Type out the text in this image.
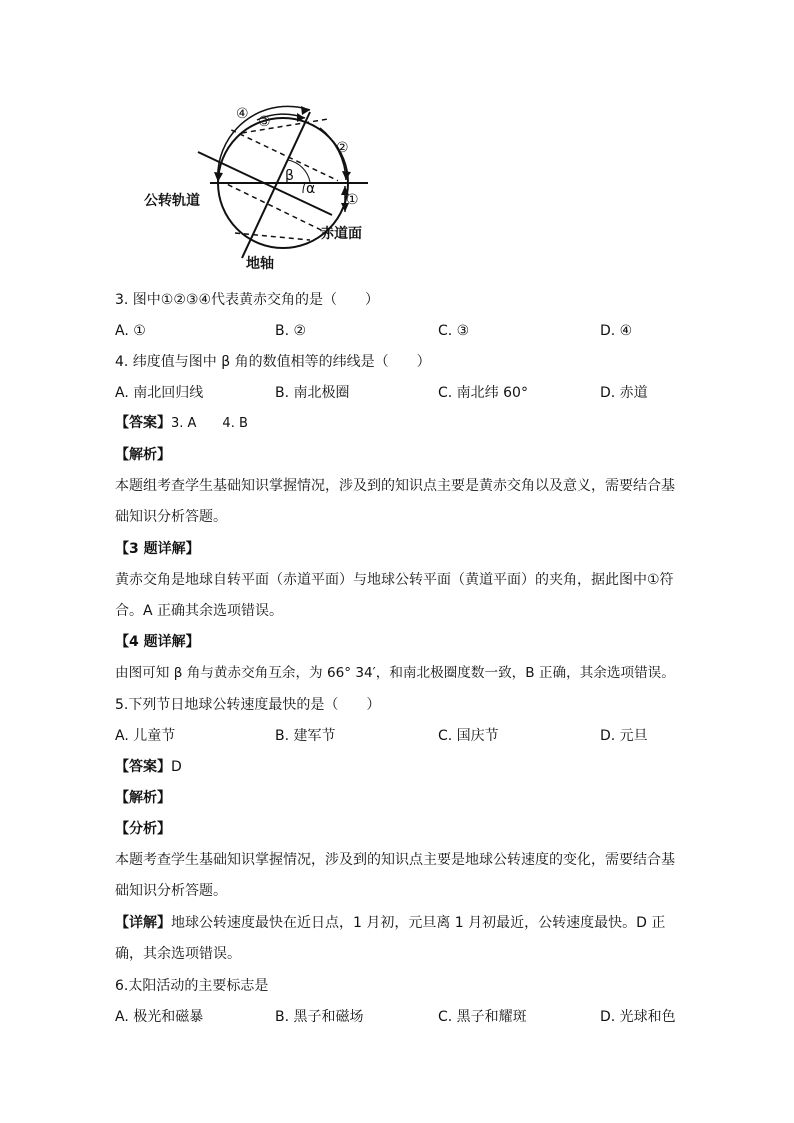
④ ③
②
①
β
α
公转轨道
赤道面
地轴
3. 图中①②③④代表黄赤交角的是（　　）
A. ①	B. ②	C. ③	D. ④
4. 纬度值与图中 β 角的数值相等的纬线是（　　）
A. 南北回归线	B. 南北极圈	C. 南北纬 60°	D. 赤道
【答案】3. A　　4. B
【解析】
本题组考查学生基础知识掌握情况，涉及到的知识点主要是黄赤交角以及意义，需要结合基础知识分析答题。
【3 题详解】
黄赤交角是地球自转平面（赤道平面）与地球公转平面（黄道平面）的夹角，据此图中①符合。A 正确其余选项错误。
【4 题详解】
由图可知 β 角与黄赤交角互余，为 66° 34′，和南北极圈度数一致，B 正确，其余选项错误。
5.下列节日地球公转速度最快的是（　　）
A. 儿童节	B. 建军节	C. 国庆节	D. 元旦
【答案】D
【解析】
【分析】
本题考查学生基础知识掌握情况，涉及到的知识点主要是地球公转速度的变化，需要结合基础知识分析答题。
【详解】地球公转速度最快在近日点，1 月初，元旦离 1 月初最近，公转速度最快。D 正确，其余选项错误。
6.太阳活动的主要标志是
A. 极光和磁暴	B. 黑子和磁场	C. 黑子和耀斑	D. 光球和色
